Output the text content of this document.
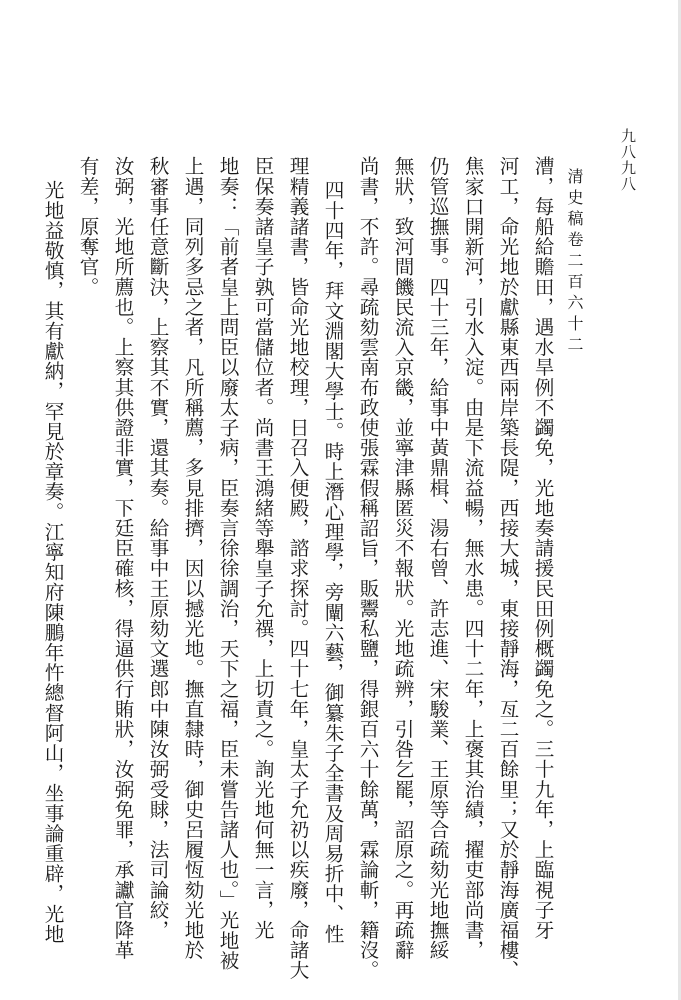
九八九八
清史稿卷二百六十二
漕，每船給贍田，遇水旱例不蠲免，光地奏請援民田例概蠲免之。三十九年，上臨視子牙
河工，命光地於獻縣東西兩岸築長隄，西接大城，東接靜海，亙二百餘里；又於靜海廣福樓、
焦家口開新河，引水入淀。由是下流益暢，無水患。四十二年，上褒其治績，擢吏部尚書，
仍管巡撫事。四十三年，給事中黃鼎楫、湯右曾、許志進、宋駿業、王原等合疏劾光地撫綏
無狀，致河間饑民流入京畿，並寧津縣匿災不報狀。光地疏辨，引咎乞罷，詔原之。再疏辭
尚書，不許。尋疏劾雲南布政使張霖假稱詔旨，販鬻私鹽，得銀百六十餘萬，霖論斬，籍沒。
四十四年，拜文淵閣大學士。時上潛心理學，旁闡六藝，御纂朱子全書及周易折中、性
理精義諸書，皆命光地校理，日召入便殿，諮求探討。四十七年，皇太子允礽以疾廢，命諸大
臣保奏諸皇子孰可當儲位者。尚書王鴻緒等舉皇子允禩，上切責之。詢光地何無一言，光
地奏：「前者皇上問臣以廢太子病，臣奏言徐徐調治，天下之福，臣未嘗告諸人也。」光地被
上遇，同列多忌之者，凡所稱薦，多見排擠，因以撼光地。撫直隸時，御史呂履恆劾光地於
秋審事任意斷決，上察其不實，還其奏。給事中王原劾文選郎中陳汝弼受賕，法司論絞，
汝弼，光地所薦也。上察其供證非實，下廷臣確核，得逼供行賄狀，汝弼免罪，承讞官降革
有差，原奪官。
光地益敬慎，其有獻納，罕見於章奏。江寧知府陳鵬年忤總督阿山，坐事論重辟，光地
